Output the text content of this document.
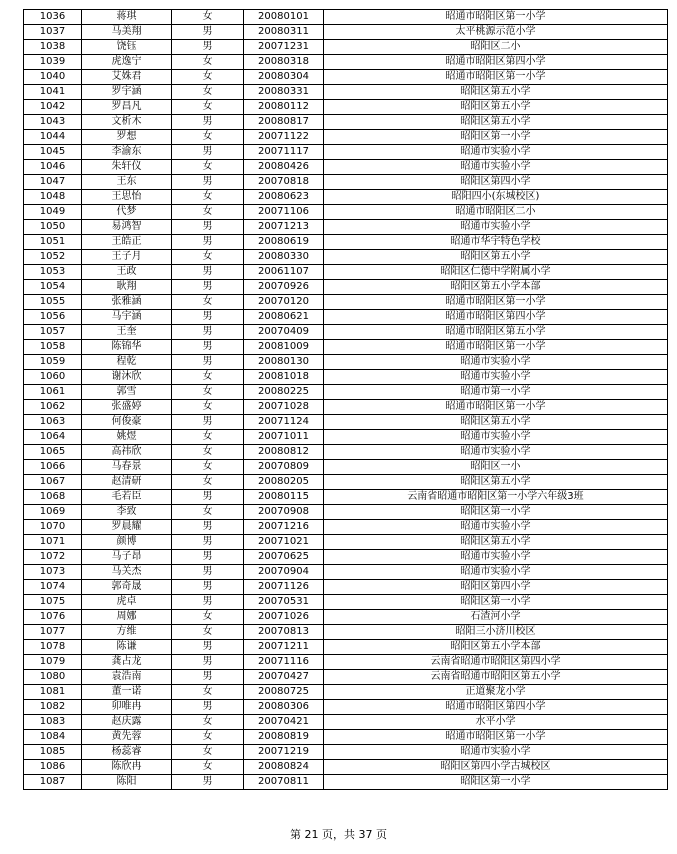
1036	蒋琪	女	20080101	昭通市昭阳区第一小学
1037	马美翔	男	20080311	太平桃源示范小学
1038	饶钰	男	20071231	昭阳区二小
1039	虎逸宁	女	20080318	昭通市昭阳区第四小学
1040	艾姝君	女	20080304	昭通市昭阳区第一小学
1041	罗宇涵	女	20080331	昭阳区第五小学
1042	罗昌凡	女	20080112	昭阳区第五小学
1043	文析木	男	20080817	昭阳区第五小学
1044	罗想	女	20071122	昭阳区第一小学
1045	李渝东	男	20071117	昭通市实验小学
1046	朱轩仪	女	20080426	昭通市实验小学
1047	王东	男	20070818	昭阳区第四小学
1048	王思怡	女	20080623	昭阳四小(东城校区)
1049	代梦	女	20071106	昭通市昭阳区二小
1050	易鸿智	男	20071213	昭通市实验小学
1051	王皓正	男	20080619	昭通市华宇特色学校
1052	王子月	女	20080330	昭阳区第五小学
1053	王政	男	20061107	昭阳区仁德中学附属小学
1054	耿翔	男	20070926	昭阳区第五小学本部
1055	张雅涵	女	20070120	昭通市昭阳区第一小学
1056	马宇涵	男	20080621	昭通市昭阳区第四小学
1057	王奎	男	20070409	昭通市昭阳区第五小学
1058	陈锦华	男	20081009	昭通市昭阳区第一小学
1059	程乾	男	20080130	昭通市实验小学
1060	谢沐欣	女	20081018	昭通市实验小学
1061	郭雪	女	20080225	昭通市第一小学
1062	张盛婷	女	20071028	昭通市昭阳区第一小学
1063	何俊豪	男	20071124	昭阳区第五小学
1064	姚煜	女	20071011	昭通市实验小学
1065	高祎欣	女	20080812	昭通市实验小学
1066	马春景	女	20070809	昭阳区一小
1067	赵清研	女	20080205	昭阳区第五小学
1068	毛若臣	男	20080115	云南省昭通市昭阳区第一小学六年级3班
1069	李致	女	20070908	昭阳区第一小学
1070	罗晨耀	男	20071216	昭通市实验小学
1071	颜博	男	20071021	昭阳区第五小学
1072	马子昂	男	20070625	昭通市实验小学
1073	马关杰	男	20070904	昭通市实验小学
1074	郭奇晟	男	20071126	昭阳区第四小学
1075	虎卓	男	20070531	昭阳区第一小学
1076	周娜	女	20071026	石渣河小学
1077	方维	女	20070813	昭阳三小济川校区
1078	陈谦	男	20071211	昭阳区第五小学本部
1079	龚占龙	男	20071116	云南省昭通市昭阳区第四小学
1080	袁浩南	男	20070427	云南省昭通市昭阳区第五小学
1081	董一诺	女	20080725	正道聚龙小学
1082	卯唯冉	男	20080306	昭通市昭阳区第四小学
1083	赵庆露	女	20070421	水平小学
1084	黄先蓉	女	20080819	昭通市昭阳区第一小学
1085	杨蕊睿	女	20071219	昭通市实验小学
1086	陈欣冉	女	20080824	昭阳区第四小学古城校区
1087	陈阳	男	20070811	昭阳区第一小学
第 21 页，共 37 页
